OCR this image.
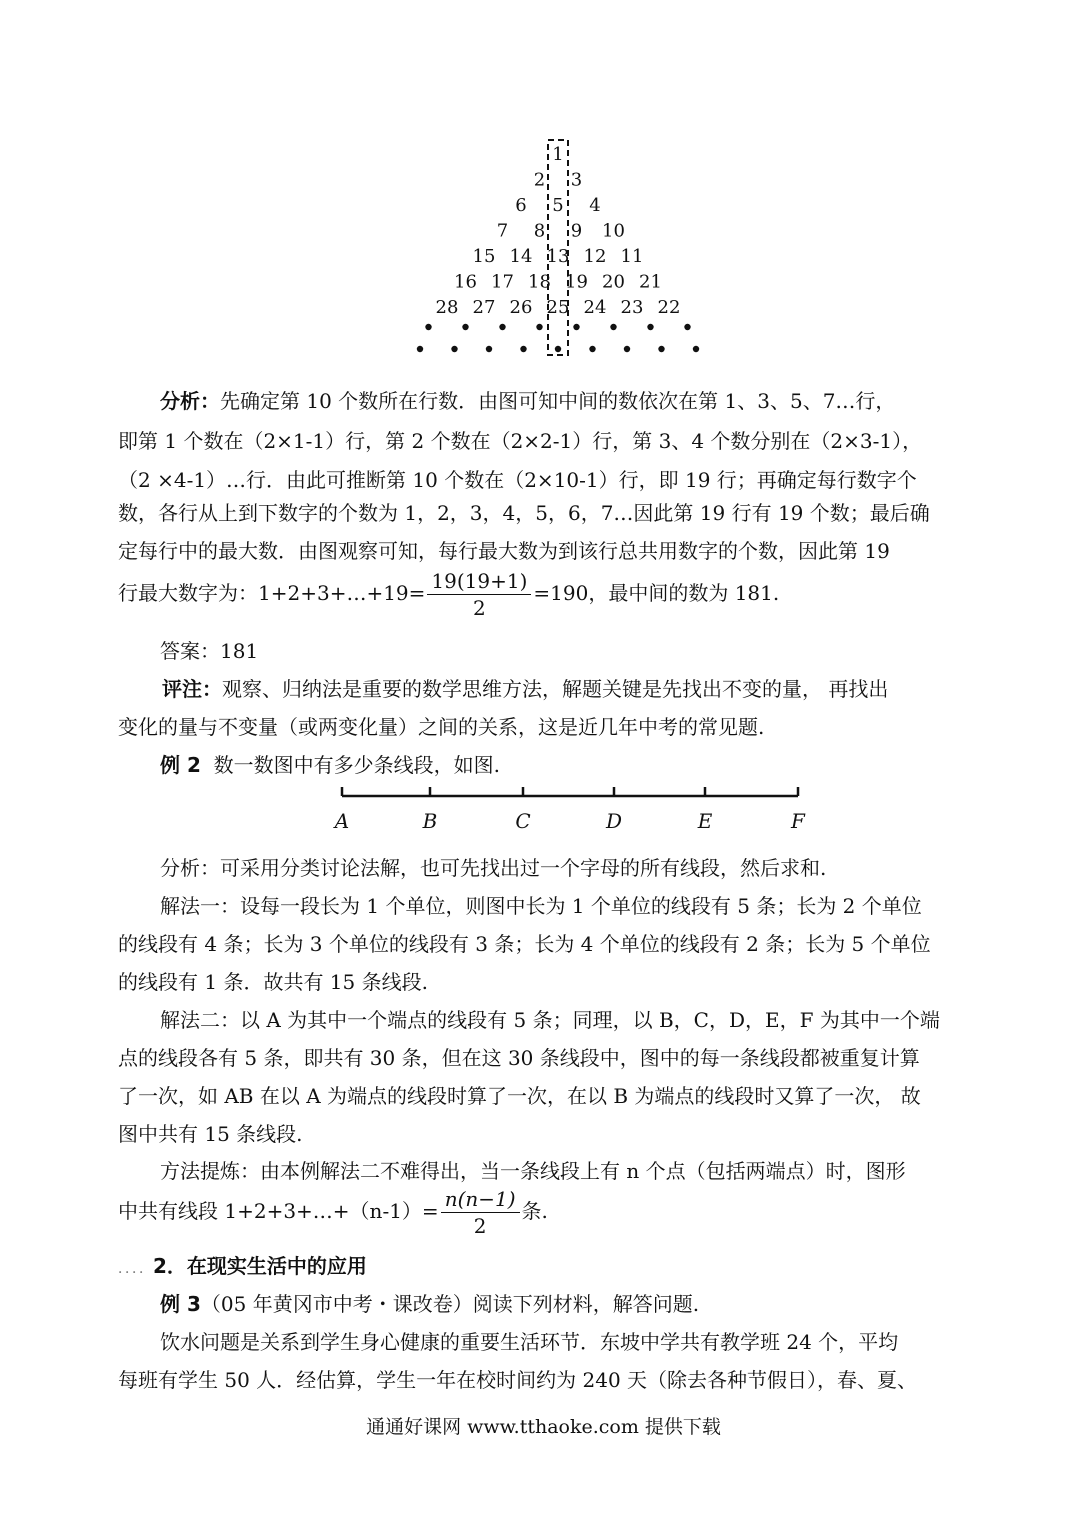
1
2 3
6 5 4
7 8 9 10
15 14 13 12 11
16 17 18 19 20 21
28 27 26 25 24 23 22
分析：先确定第 10 个数所在行数．由图可知中间的数依次在第 1、3、5、7…行，
即第 1 个数在（2×1-1）行，第 2 个数在（2×2-1）行，第 3、4 个数分别在（2×3-1），
（2 ×4-1）…行．由此可推断第 10 个数在（2×10-1）行，即 19 行；再确定每行数字个
数，各行从上到下数字的个数为 1，2，3，4，5，6，7…因此第 19 行有 19 个数；最后确
定每行中的最大数．由图观察可知，每行最大数为到该行总共用数字的个数，因此第 19
行最大数字为：1+2+3+…+19= $\frac{19(19+1)}{2} =190$，最中间的数为 181.
答案：181
评注：观察、归纳法是重要的数学思维方法，解题关键是先找出不变的量， 再找出
变化的量与不变量（或两变化量）之间的关系，这是近几年中考的常见题.
例 2 数一数图中有多少条线段，如图.
A	B	C	D	E	F
分析：可采用分类讨论法解，也可先找出过一个字母的所有线段，然后求和.
解法一：设每一段长为 1 个单位，则图中长为 1 个单位的线段有 5 条；长为 2 个单位
的线段有 4 条；长为 3 个单位的线段有 3 条；长为 4 个单位的线段有 2 条；长为 5 个单位
的线段有 1 条．故共有 15 条线段.
解法二：以 A 为其中一个端点的线段有 5 条；同理，以 B，C，D，E，F 为其中一个端
点的线段各有 5 条，即共有 30 条，但在这 30 条线段中，图中的每一条线段都被重复计算
了一次，如 AB 在以 A 为端点的线段时算了一次，在以 B 为端点的线段时又算了一次， 故
图中共有 15 条线段.
方法提炼：由本例解法二不难得出，当一条线段上有 n 个点（包括两端点）时，图形
中共有线段 1+2+3+…+（n-1）= $\frac{n(n-1)}{2}$ 条.
．．．．2．在现实生活中的应用
例 3（05 年黄冈市中考・课改卷）阅读下列材料，解答问题.
饮水问题是关系到学生身心健康的重要生活环节．东坡中学共有教学班 24 个，平均
每班有学生 50 人．经估算，学生一年在校时间约为 240 天（除去各种节假日），春、夏、
通通好课网 www.tthaoke.com 提供下载
